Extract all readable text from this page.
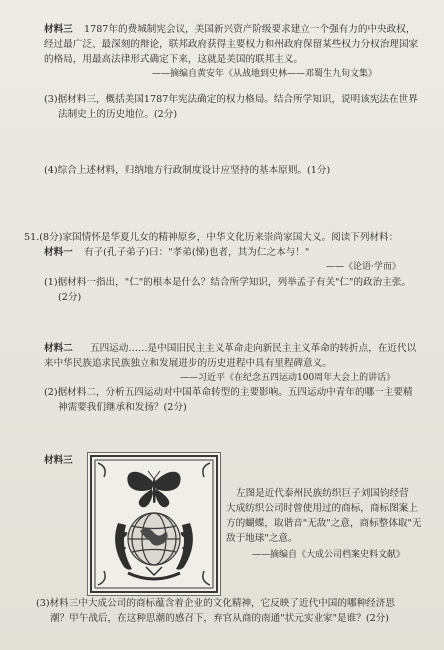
材料三 1787年的费城制宪会议，美国新兴资产阶级要求建立一个强有力的中央政权，
经过最广泛、最深刻的辩论，联邦政府获得主要权力和州政府保留某些权力分权治理国家
的格局，用最高法律形式确定下来，这就是美国的联邦主义。
——摘编自黄安年《从战地到史林——邓蜀生九旬文集》
(3)据材料三，概括美国1787年宪法确定的权力格局。结合所学知识，说明该宪法在世界
法制史上的历史地位。(2分)
(4)综合上述材料，归纳地方行政制度设计应坚持的基本原则。(1分)
51.(8分)家国情怀是华夏儿女的精神原乡，中华文化历来崇尚家国大义。阅读下列材料：
材料一 有子(孔子弟子)曰："孝弟(悌)也者，其为仁之本与！"
——《论语·学而》
(1)据材料一指出，"仁"的根本是什么？结合所学知识，列举孟子有关"仁"的政治主张。
(2分)
材料二 五四运动……是中国旧民主主义革命走向新民主主义革命的转折点，在近代以
来中华民族追求民族独立和发展进步的历史进程中具有里程碑意义。
——习近平《在纪念五四运动100周年大会上的讲话》
(2)据材料二，分析五四运动对中国革命转型的主要影响。五四运动中青年的哪一主要精
神需要我们继承和发扬？(2分)
材料三
左图是近代泰州民族纺织巨子刘国钧经营
大成纺织公司时曾使用过的商标，商标图案上
方的蝴蝶，取谐音"无敌"之意，商标整体取"无
敌于地球"之意。
——摘编自《大成公司档案史料文献》
(3)材料三中大成公司的商标蕴含着企业的文化精神，它反映了近代中国的哪种经济思
潮？甲午战后，在这种思潮的感召下，弃官从商的南通"状元实业家"是谁？(2分)
